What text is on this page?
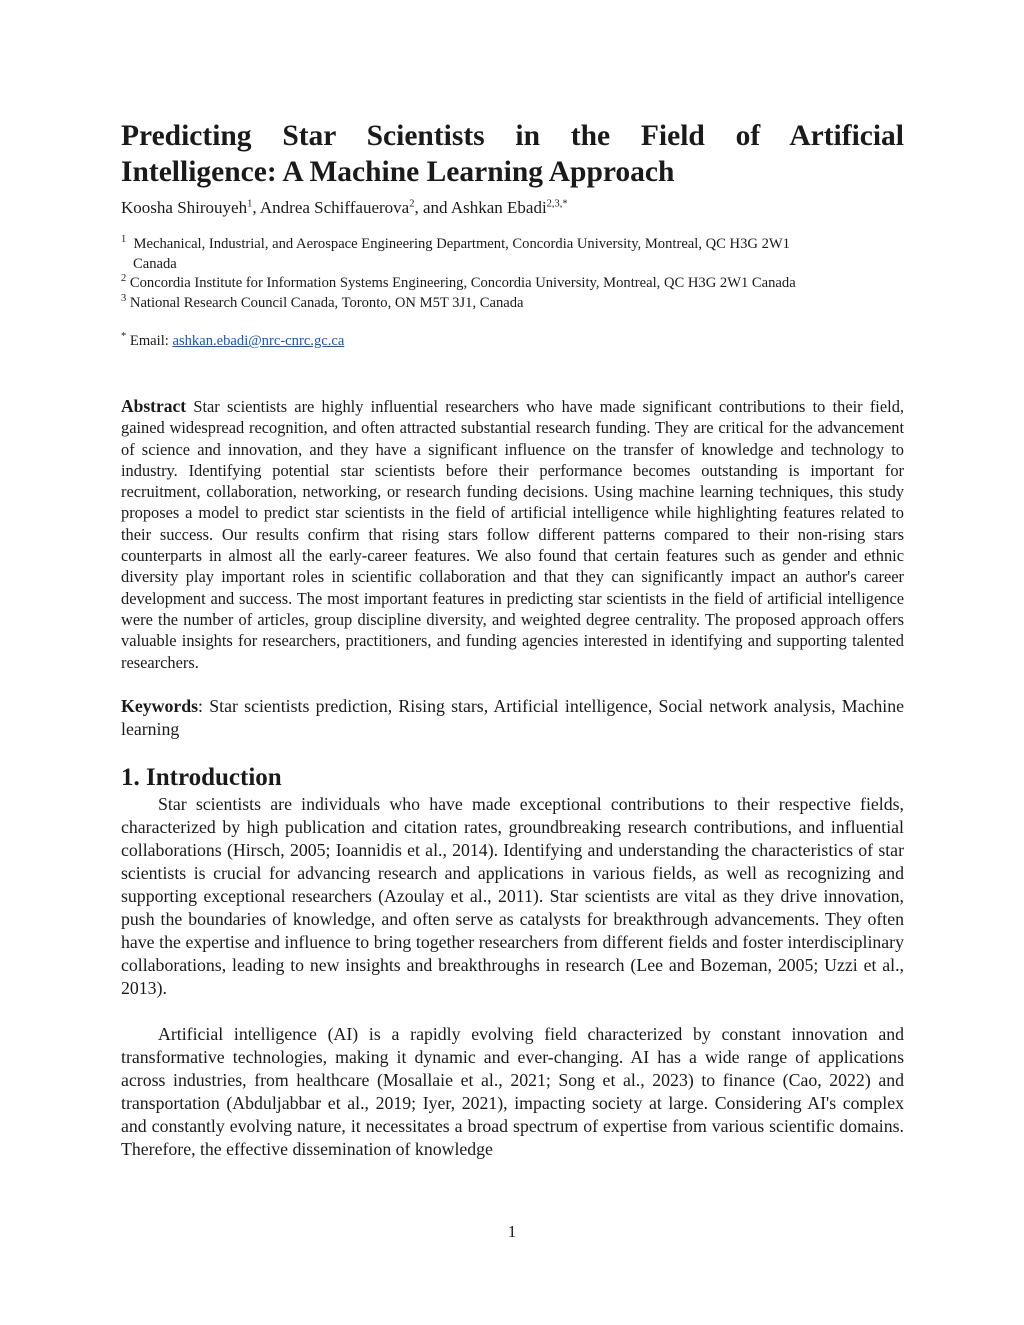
Predicting Star Scientists in the Field of Artificial
Intelligence: A Machine Learning Approach
Koosha Shirouyeh$^1$, Andrea Schiffauerova$^2$, and Ashkan Ebadi$^{2,3,*}$
$^1$ Mechanical, Industrial, and Aerospace Engineering Department, Concordia University, Montreal, QC H3G 2W1
Canada
$^2$ Concordia Institute for Information Systems Engineering, Concordia University, Montreal, QC H3G 2W1 Canada
$^3$ National Research Council Canada, Toronto, ON M5T 3J1, Canada
* Email: ashkan.ebadi@nrc-cnrc.gc.ca
Abstract Star scientists are highly influential researchers who have made significant contributions to their field, gained widespread recognition, and often attracted substantial research funding. They are critical for the advancement of science and innovation, and they have a significant influence on the transfer of knowledge and technology to industry. Identifying potential star scientists before their performance becomes outstanding is important for recruitment, collaboration, networking, or research funding decisions. Using machine learning techniques, this study proposes a model to predict star scientists in the field of artificial intelligence while highlighting features related to their success. Our results confirm that rising stars follow different patterns compared to their non-rising stars counterparts in almost all the early-career features. We also found that certain features such as gender and ethnic diversity play important roles in scientific collaboration and that they can significantly impact an author's career development and success. The most important features in predicting star scientists in the field of artificial intelligence were the number of articles, group discipline diversity, and weighted degree centrality. The proposed approach offers valuable insights for researchers, practitioners, and funding agencies interested in identifying and supporting talented researchers.
Keywords: Star scientists prediction, Rising stars, Artificial intelligence, Social network analysis, Machine learning
1. Introduction

Star scientists are individuals who have made exceptional contributions to their respective fields, characterized by high publication and citation rates, groundbreaking research contributions, and influential collaborations (Hirsch, 2005; Ioannidis et al., 2014). Identifying and understanding the characteristics of star scientists is crucial for advancing research and applications in various fields, as well as recognizing and supporting exceptional researchers (Azoulay et al., 2011). Star scientists are vital as they drive innovation, push the boundaries of knowledge, and often serve as catalysts for breakthrough advancements. They often have the expertise and influence to bring together researchers from different fields and foster interdisciplinary collaborations, leading to new insights and breakthroughs in research (Lee and Bozeman, 2005; Uzzi et al., 2013).

Artificial intelligence (AI) is a rapidly evolving field characterized by constant innovation and transformative technologies, making it dynamic and ever-changing. AI has a wide range of applications across industries, from healthcare (Mosallaie et al., 2021; Song et al., 2023) to finance (Cao, 2022) and transportation (Abduljabbar et al., 2019; Iyer, 2021), impacting society at large. Considering AI's complex and constantly evolving nature, it necessitates a broad spectrum of expertise from various scientific domains. Therefore, the effective dissemination of knowledge

1
